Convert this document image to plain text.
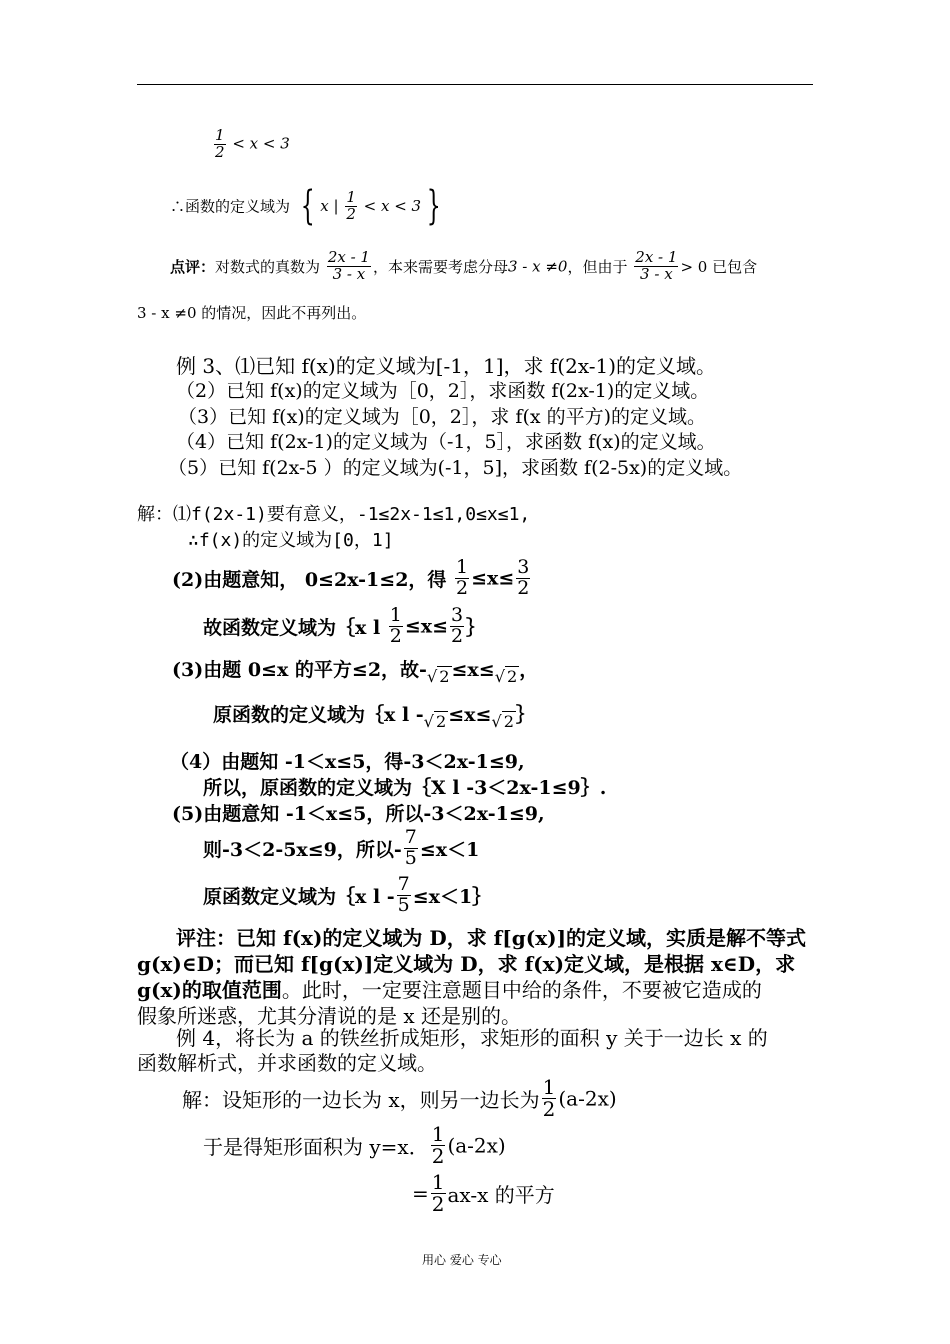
$\frac{1}{2} < x < 3$
∴函数的定义域为 { x | $\frac{1}{2} < x < 3$ }
点评：对数式的真数为 $\frac{2x - 1}{3 - x}$ ，本来需要考虑分母3 - x ≠0，但由于 $\frac{2x - 1}{3 - x} > 0$ 已包含
3 - x ≠0 的情况，因此不再列出。
例 3、⑴已知 f(x)的定义域为[-1，1]，求 f(2x-1)的定义域。
（2）已知 f(x)的定义域为［0，2］，求函数 f(2x-1)的定义域。
（3）已知 f(x)的定义域为［0，2］，求 f(x 的平方)的定义域。
（4）已知 f(2x-1)的定义域为（-1，5］，求函数 f(x)的定义域。
（5）已知 f(2x-5 ）的定义域为(-1，5]，求函数 f(2-5x)的定义域。
解：⑴f(2x-1)要有意义，-1≤2x-1≤1,0≤x≤1,
∴f(x)的定义域为[0，1]
(2)由题意知， 0≤2x-1≤2，得 $\frac{1}{2} \le x\le \frac{3}{2}$
故函数定义域为｛x l $\frac{1}{2} \le x\le \frac{3}{2}$ ｝
(3)由题 0≤x 的平方≤2，故-√ 2 ≤x≤√ 2 ，
原函数的定义域为｛x l -√ 2 ≤x≤√ 2 ｝
（4）由题知 -1＜x≤5，得-3＜2x-1≤9,
所以，原函数的定义域为｛X l -3＜2x-1≤9｝.
(5)由题意知 -1＜x≤5，所以-3＜2x-1≤9,
则-3＜2-5x≤9，所以- $\frac{7}{5} \le x<1$
原函数定义域为｛x l - $\frac{7}{5}$ ≤x＜1｝
评注：已知 f(x)的定义域为 D，求 f[g(x)]的定义域，实质是解不等式
g(x)∈D；而已知 f[g(x)]定义域为 D，求 f(x)定义域，是根据 x∈D，求
g(x)的取值范围。此时，一定要注意题目中给的条件，不要被它造成的
假象所迷惑，尤其分清说的是 x 还是别的。
例 4，将长为 a 的铁丝折成矩形，求矩形的面积 y 关于一边长 x 的
函数解析式，并求函数的定义域。
解：设矩形的一边长为 x，则另一边长为 $\frac{1}{2} (a-2x)$
于是得矩形面积为 y=x． $\frac{1}{2} (a-2x)$
= $\frac{1}{2} ax-x$ 的平方
用心 爱心 专心
